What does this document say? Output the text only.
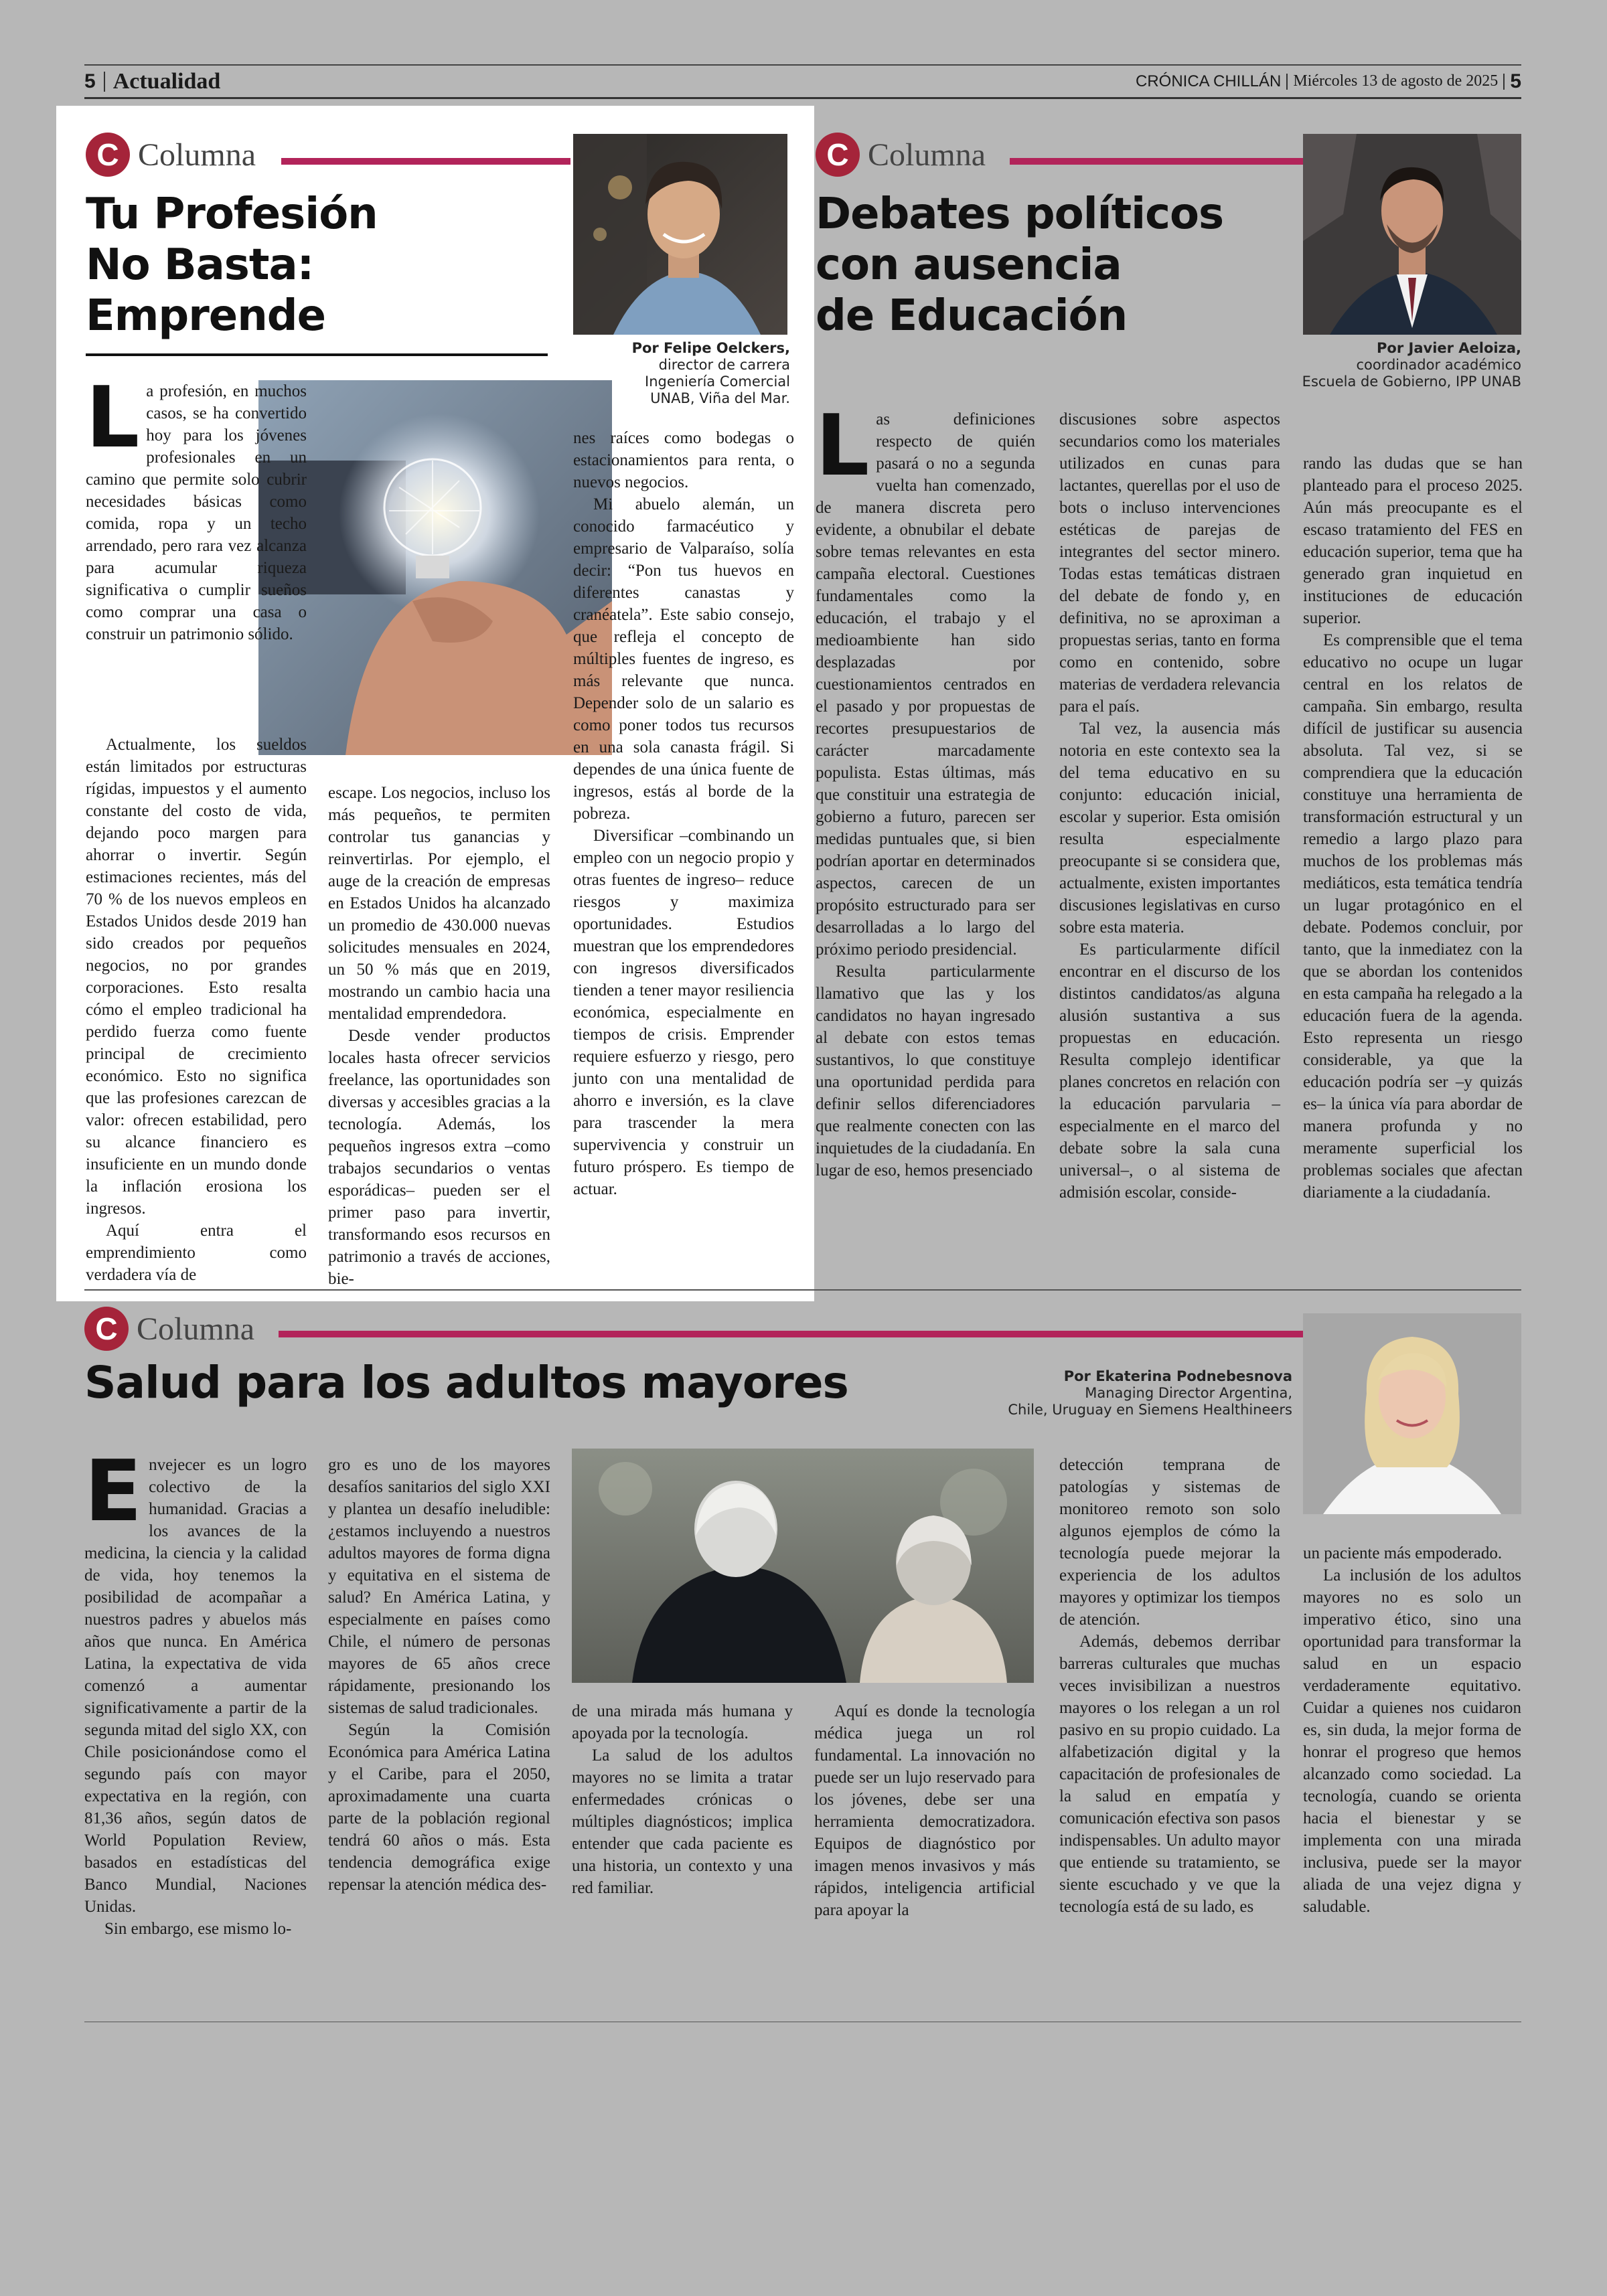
5 Actualidad	CRÓNICA CHILLÁN Miércoles 13 de agosto de 2025 5
C Columna
Tu Profesión
No Basta:
Emprende
Por Felipe Oelckers,
director de carrera
Ingeniería Comercial
UNAB, Viña del Mar.

La profesión, en muchos casos, se ha convertido hoy para los jóvenes profesionales en un camino que permite solo cubrir necesidades básicas como comida, ropa y un techo arrendado, pero rara vez alcanza para acumular riqueza significativa o cumplir sueños como comprar una casa o construir un patrimonio sólido.

Actualmente, los sueldos están limitados por estructuras rígidas, impuestos y el aumento constante del costo de vida, dejando poco margen para ahorrar o invertir. Según estimaciones recientes, más del 70 % de los nuevos empleos en Estados Unidos desde 2019 han sido creados por pequeños negocios, no por grandes corporaciones. Esto resalta cómo el empleo tradicional ha perdido fuerza como fuente principal de crecimiento económico. Esto no significa que las profesiones carezcan de valor: ofrecen estabilidad, pero su alcance financiero es insuficiente en un mundo donde la inflación erosiona los ingresos.

Aquí entra el emprendimiento como verdadera vía de

escape. Los negocios, incluso los más pequeños, te permiten controlar tus ganancias y reinvertirlas. Por ejemplo, el auge de la creación de empresas en Estados Unidos ha alcanzado un promedio de 430.000 nuevas solicitudes mensuales en 2024, un 50 % más que en 2019, mostrando un cambio hacia una mentalidad emprendedora.

Desde vender productos locales hasta ofrecer servicios freelance, las oportunidades son diversas y accesibles gracias a la tecnología. Además, los pequeños ingresos extra –como trabajos secundarios o ventas esporádicas– pueden ser el primer paso para invertir, transformando esos recursos en patrimonio a través de acciones, bie-

nes raíces como bodegas o estacionamientos para renta, o nuevos negocios.

Mi abuelo alemán, un conocido farmacéutico y empresario de Valparaíso, solía decir: “Pon tus huevos en diferentes canastas y cranéatela”. Este sabio consejo, que refleja el concepto de múltiples fuentes de ingreso, es más relevante que nunca. Depender solo de un salario es como poner todos tus recursos en una sola canasta frágil. Si dependes de una única fuente de ingresos, estás al borde de la pobreza.

Diversificar –combinando un empleo con un negocio propio y otras fuentes de ingreso– reduce riesgos y maximiza oportunidades. Estudios muestran que los emprendedores con ingresos diversificados tienden a tener mayor resiliencia económica, especialmente en tiempos de crisis. Emprender requiere esfuerzo y riesgo, pero junto con una mentalidad de ahorro e inversión, es la clave para trascender la mera supervivencia y construir un futuro próspero. Es tiempo de actuar.

C Columna
Debates políticos
con ausencia
de Educación
Por Javier Aeloiza,
coordinador académico
Escuela de Gobierno, IPP UNAB

Las definiciones respecto de quién pasará o no a segunda vuelta han comenzado, de manera discreta pero evidente, a obnubilar el debate sobre temas relevantes en esta campaña electoral. Cuestiones fundamentales como la educación, el trabajo y el medioambiente han sido desplazadas por cuestionamientos centrados en el pasado y por propuestas de recortes presupuestarios de carácter marcadamente populista. Estas últimas, más que constituir una estrategia de gobierno a futuro, parecen ser medidas puntuales que, si bien podrían aportar en determinados aspectos, carecen de un propósito estructurado para ser desarrolladas a lo largo del próximo periodo presidencial.

Resulta particularmente llamativo que las y los candidatos no hayan ingresado al debate con estos temas sustantivos, lo que constituye una oportunidad perdida para definir sellos diferenciadores que realmente conecten con las inquietudes de la ciudadanía. En lugar de eso, hemos presenciado

discusiones sobre aspectos secundarios como los materiales utilizados en cunas para lactantes, querellas por el uso de bots o incluso intervenciones estéticas de parejas de integrantes del sector minero. Todas estas temáticas distraen del debate de fondo y, en definitiva, no se aproximan a propuestas serias, tanto en forma como en contenido, sobre materias de verdadera relevancia para el país.

Tal vez, la ausencia más notoria en este contexto sea la del tema educativo en su conjunto: educación inicial, escolar y superior. Esta omisión resulta especialmente preocupante si se considera que, actualmente, existen importantes discusiones legislativas en curso sobre esta materia.

Es particularmente difícil encontrar en el discurso de los distintos candidatos/as alguna alusión sustantiva a sus propuestas en educación. Resulta complejo identificar planes concretos en relación con la educación parvularia –especialmente en el marco del debate sobre la sala cuna universal–, o al sistema de admisión escolar, conside-

rando las dudas que se han planteado para el proceso 2025. Aún más preocupante es el escaso tratamiento del FES en educación superior, tema que ha generado gran inquietud en instituciones de educación superior.

Es comprensible que el tema educativo no ocupe un lugar central en los relatos de campaña. Sin embargo, resulta difícil de justificar su ausencia absoluta. Tal vez, si se comprendiera que la educación constituye una herramienta de transformación estructural y un remedio a largo plazo para muchos de los problemas más mediáticos, esta temática tendría un lugar protagónico en el debate. Podemos concluir, por tanto, que la inmediatez con la que se abordan los contenidos en esta campaña ha relegado a la educación fuera de la agenda. Esto representa un riesgo considerable, ya que la educación podría ser –y quizás es– la única vía para abordar de manera profunda y no meramente superficial los problemas sociales que afectan diariamente a la ciudadanía.

C Columna
Salud para los adultos mayores	Por Ekaterina Podnebesnova
Managing Director Argentina,
Chile, Uruguay en Siemens Healthineers

Envejecer es un logro colectivo de la humanidad. Gracias a los avances de la medicina, la ciencia y la calidad de vida, hoy tenemos la posibilidad de acompañar a nuestros padres y abuelos más años que nunca. En América Latina, la expectativa de vida comenzó a aumentar significativamente a partir de la segunda mitad del siglo XX, con Chile posicionándose como el segundo país con mayor expectativa en la región, con 81,36 años, según datos de World Population Review, basados en estadísticas del Banco Mundial, Naciones Unidas.

Sin embargo, ese mismo lo-

gro es uno de los mayores desafíos sanitarios del siglo XXI y plantea un desafío ineludible: ¿estamos incluyendo a nuestros adultos mayores de forma digna y equitativa en el sistema de salud? En América Latina, y especialmente en países como Chile, el número de personas mayores de 65 años crece rápidamente, presionando los sistemas de salud tradicionales.

Según la Comisión Económica para América Latina y el Caribe, para el 2050, aproximadamente una cuarta parte de la población regional tendrá 60 años o más. Esta tendencia demográfica exige repensar la atención médica des-

de una mirada más humana y apoyada por la tecnología.

La salud de los adultos mayores no se limita a tratar enfermedades crónicas o múltiples diagnósticos; implica entender que cada paciente es una historia, un contexto y una red familiar.

Aquí es donde la tecnología médica juega un rol fundamental. La innovación no puede ser un lujo reservado para los jóvenes, debe ser una herramienta democratizadora. Equipos de diagnóstico por imagen menos invasivos y más rápidos, inteligencia artificial para apoyar la

detección temprana de patologías y sistemas de monitoreo remoto son solo algunos ejemplos de cómo la tecnología puede mejorar la experiencia de los adultos mayores y optimizar los tiempos de atención.

Además, debemos derribar barreras culturales que muchas veces invisibilizan a nuestros mayores o los relegan a un rol pasivo en su propio cuidado. La alfabetización digital y la capacitación de profesionales de la salud en empatía y comunicación efectiva son pasos indispensables. Un adulto mayor que entiende su tratamiento, se siente escuchado y ve que la tecnología está de su lado, es

un paciente más empoderado.

La inclusión de los adultos mayores no es solo un imperativo ético, sino una oportunidad para transformar la salud en un espacio verdaderamente equitativo. Cuidar a quienes nos cuidaron es, sin duda, la mejor forma de honrar el progreso que hemos alcanzado como sociedad. La tecnología, cuando se orienta hacia el bienestar y se implementa con una mirada inclusiva, puede ser la mayor aliada de una vejez digna y saludable.
